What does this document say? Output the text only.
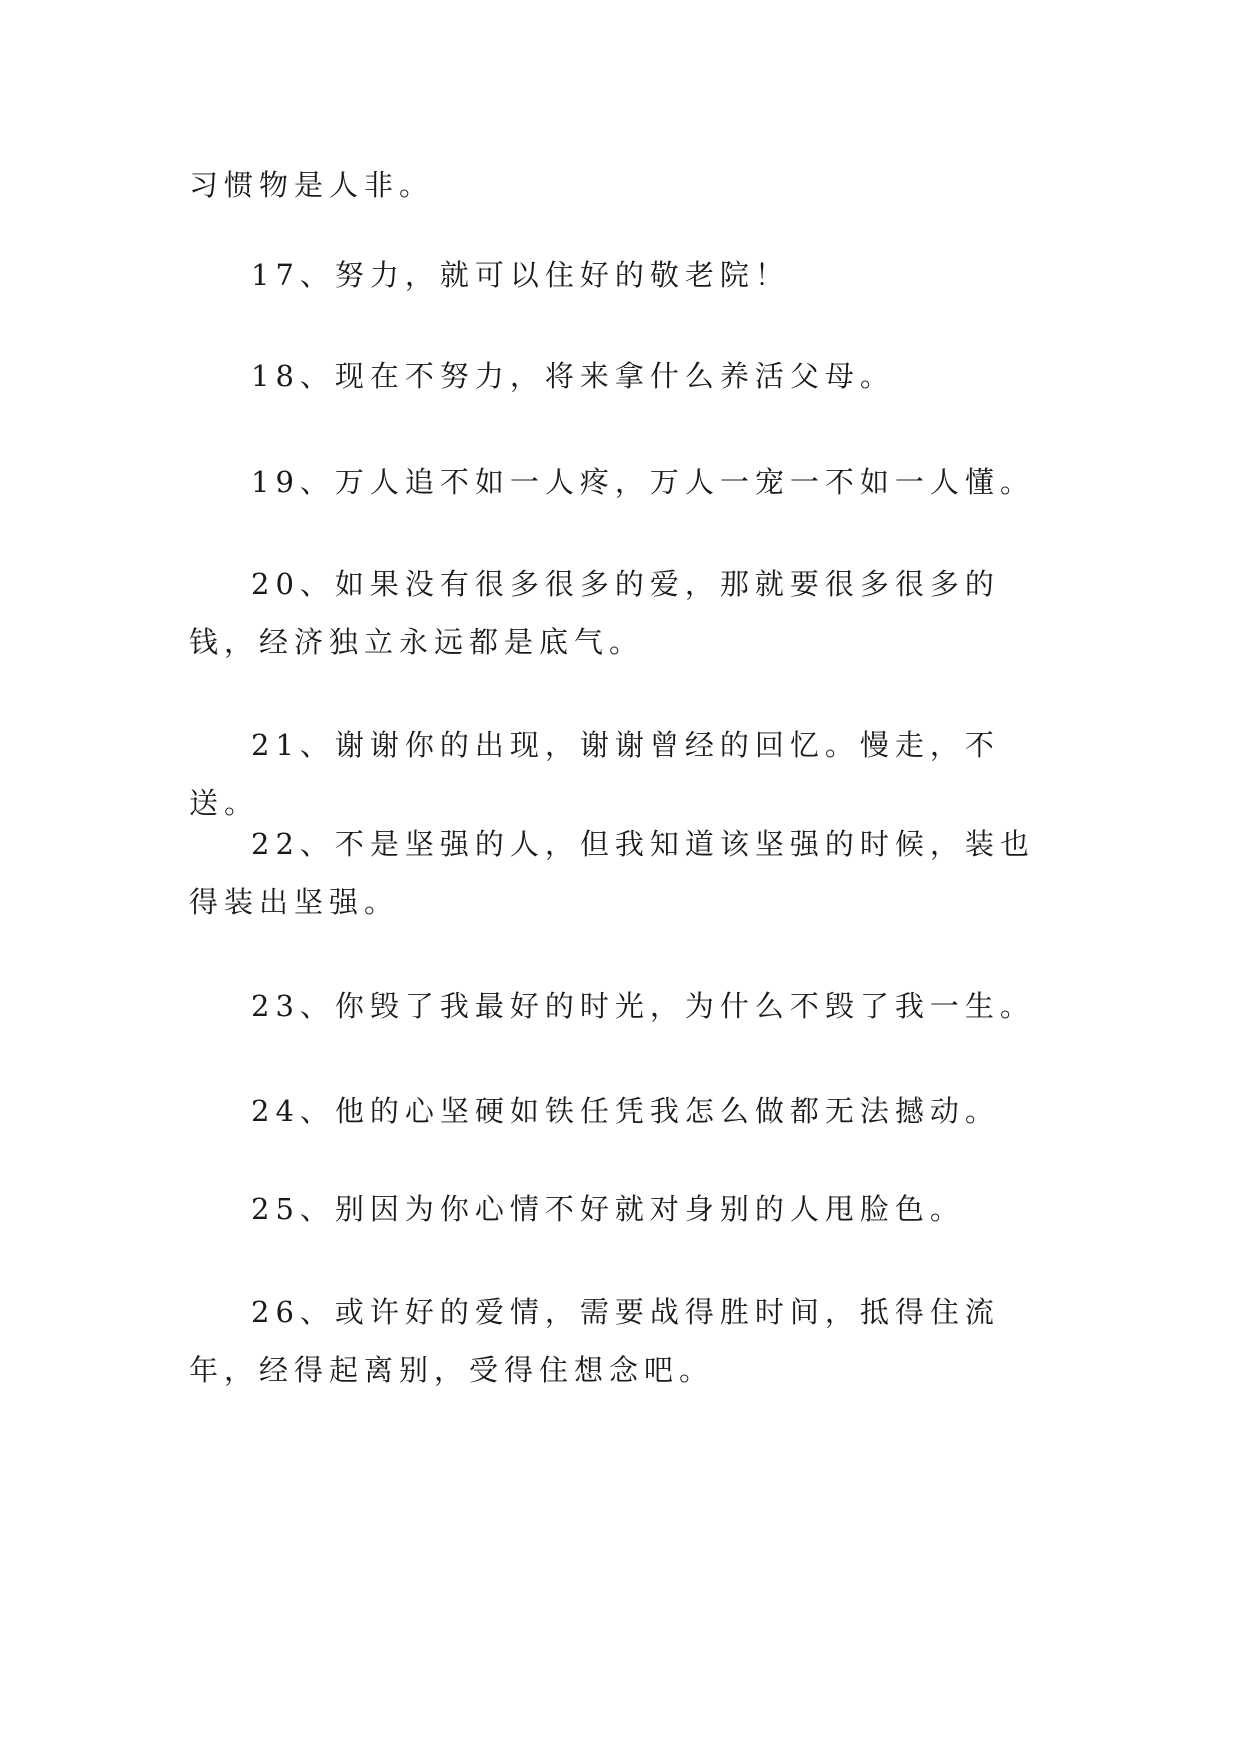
习惯物是人非。

17、努力，就可以住好的敬老院！

18、现在不努力，将来拿什么养活父母。

19、万人追不如一人疼，万人一宠一不如一人懂。

20、如果没有很多很多的爱，那就要很多很多的钱，经济独立永远都是底气。

21、谢谢你的出现，谢谢曾经的回忆。慢走，不送。

22、不是坚强的人，但我知道该坚强的时候，装也得装出坚强。

23、你毁了我最好的时光，为什么不毁了我一生。

24、他的心坚硬如铁任凭我怎么做都无法撼动。

25、别因为你心情不好就对身别的人甩脸色。

26、或许好的爱情，需要战得胜时间，抵得住流年，经得起离别，受得住想念吧。
